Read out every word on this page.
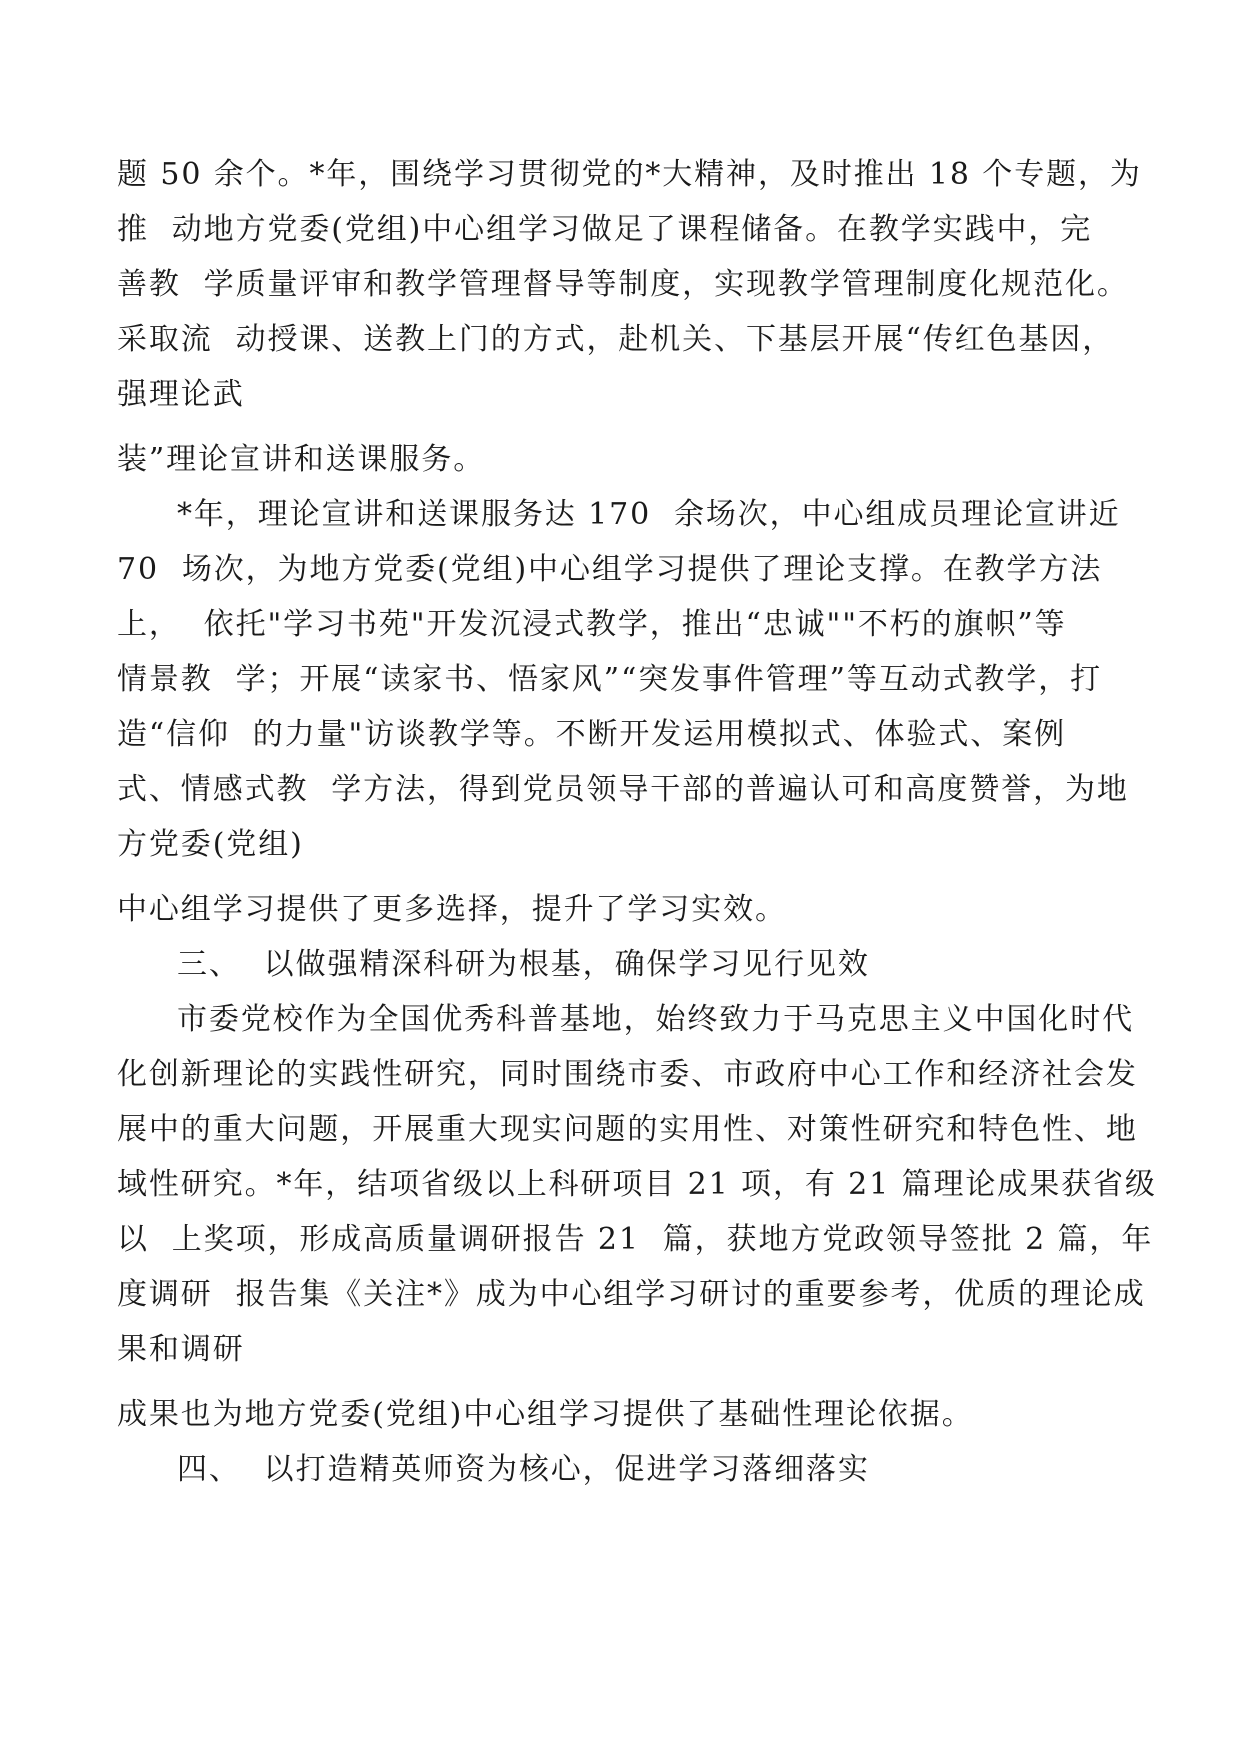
题 50 余个。*年，围绕学习贯彻党的*大精神，及时推出 18 个专题，为
推  动地方党委(党组)中心组学习做足了课程储备。在教学实践中，完
善教  学质量评审和教学管理督导等制度，实现教学管理制度化规范化。
采取流  动授课、送教上门的方式，赴机关、下基层开展“传红色基因，
强理论武
装”理论宣讲和送课服务。
*年，理论宣讲和送课服务达 170  余场次，中心组成员理论宣讲近
70  场次，为地方党委(党组)中心组学习提供了理论支撑。在教学方法
上，  依托"学习书苑"开发沉浸式教学，推出“忠诚""不朽的旗帜”等
情景教  学；开展“读家书、悟家风”“突发事件管理”等互动式教学，打
造“信仰  的力量"访谈教学等。不断开发运用模拟式、体验式、案例
式、情感式教  学方法，得到党员领导干部的普遍认可和高度赞誉，为地
方党委(党组)
中心组学习提供了更多选择，提升了学习实效。
三、  以做强精深科研为根基，确保学习见行见效
市委党校作为全国优秀科普基地，始终致力于马克思主义中国化时代
化创新理论的实践性研究，同时围绕市委、市政府中心工作和经济社会发
展中的重大问题，开展重大现实问题的实用性、对策性研究和特色性、地
域性研究。*年，结项省级以上科研项目 21 项，有 21 篇理论成果获省级
以  上奖项，形成高质量调研报告 21  篇，获地方党政领导签批 2 篇，年
度调研  报告集《关注*》成为中心组学习研讨的重要参考，优质的理论成
果和调研
成果也为地方党委(党组)中心组学习提供了基础性理论依据。
四、  以打造精英师资为核心，促进学习落细落实
